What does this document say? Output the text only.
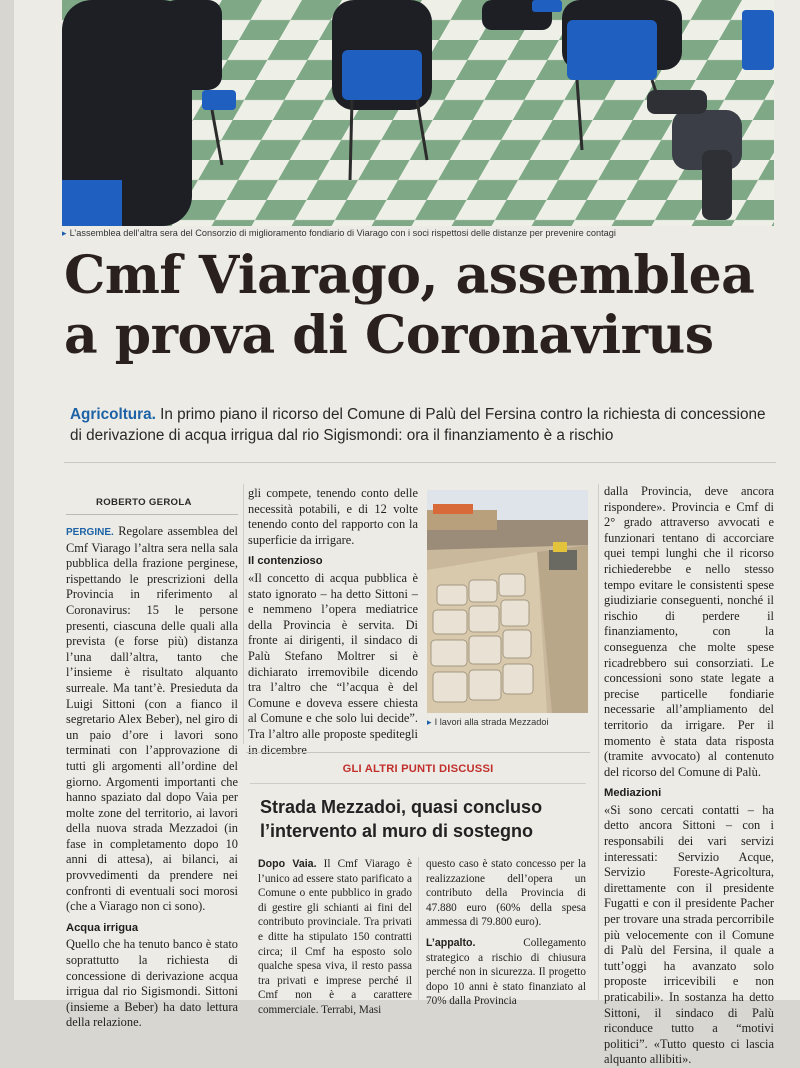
▸ L’assemblea dell’altra sera del Consorzio di miglioramento fondiario di Viarago con i soci rispettosi delle distanze per prevenire contagi
Cmf Viarago, assemblea
a prova di Coronavirus
Agricoltura. In primo piano il ricorso del Comune di Palù del Fersina contro la richiesta di concessione di derivazione di acqua irrigua dal rio Sigismondi: ora il finanziamento è a rischio
ROBERTO GEROLA

PERGINE. Regolare assemblea del Cmf Viarago l’altra sera nella sala pubblica della frazione perginese, rispettando le prescrizioni della Provincia in riferimento al Coronavirus: 15 le persone presenti, ciascuna delle quali alla prevista (e forse più) distanza l’una dall’altra, tanto che l’insieme è risultato alquanto surreale. Ma tant’è. Presieduta da Luigi Sittoni (con a fianco il segretario Alex Beber), nel giro di un paio d’ore i lavori sono terminati con l’approvazione di tutti gli argomenti all’ordine del giorno. Argomenti importanti che hanno spaziato dal dopo Vaia per molte zone del territorio, ai lavori della nuova strada Mezzadoi (in fase in completamento dopo 10 anni di attesa), ai bilanci, ai provvedimenti da prendere nei confronti di eventuali soci morosi (che a Viarago non ci sono).

Acqua irrigua

Quello che ha tenuto banco è stato soprattutto la richiesta di concessione di derivazione acqua irrigua dal rio Sigismondi. Sittoni (insieme a Beber) ha dato lettura della relazione.

gli compete, tenendo conto delle necessità potabili, e di 12 volte tenendo conto del rapporto con la superficie da irrigare.

Il contenzioso

«Il concetto di acqua pubblica è stato ignorato – ha detto Sittoni – e nemmeno l’opera mediatrice della Provincia è servita. Di fronte ai dirigenti, il sindaco di Palù Stefano Moltrer si è dichiarato irremovibile dicendo tra l’altro che “l’acqua è del Comune e doveva essere chiesta al Comune e che solo lui decide”. Tra l’altro alle proposte speditegli in dicembre

▸ I lavori alla strada Mezzadoi

dalla Provincia, deve ancora rispondere». Provincia e Cmf di 2° grado attraverso avvocati e funzionari tentano di accorciare quei tempi lunghi che il ricorso richiederebbe e nello stesso tempo evitare le consistenti spese giudiziarie conseguenti, nonché il rischio di perdere il finanziamento, con la conseguenza che molte spese ricadrebbero sui consorziati. Le concessioni sono state legate a precise particelle fondiarie necessarie all’ampliamento del territorio da irrigare. Per il momento è stata data risposta (tramite avvocato) al contenuto del ricorso del Comune di Palù.

Mediazioni

«Si sono cercati contatti – ha detto ancora Sittoni – con i responsabili dei vari servizi interessati: Servizio Acque, Servizio Foreste-Agricoltura, direttamente con il presidente Fugatti e con il presidente Pacher per trovare una strada percorribile più velocemente con il Comune di Palù del Fersina, il quale a tutt’oggi ha avanzato solo proposte irricevibili e non praticabili». In sostanza ha detto Sittoni, il sindaco di Palù riconduce tutto a “motivi politici”. «Tutto questo ci lascia alquanto allibiti».

GLI ALTRI PUNTI DISCUSSI
Strada Mezzadoi, quasi concluso l’intervento al muro di sostegno
Dopo Vaia. Il Cmf Viarago è l’unico ad essere stato parificato a Comune o ente pubblico in grado di gestire gli schianti ai fini del contributo provinciale. Tra privati e ditte ha stipulato 150 contratti circa; il Cmf ha esposto solo qualche spesa viva, il resto passa tra privati e imprese perché il Cmf non è a carattere commerciale. Terrabi, Masi
questo caso è stato concesso per la realizzazione dell’opera un contributo della Provincia di 47.880 euro (60% della spesa ammessa di 79.800 euro).
L’appalto.	Collegamento strategico a rischio di chiusura perché non in sicurezza. Il progetto dopo 10 anni è stato finanziato al 70% dalla Provincia
